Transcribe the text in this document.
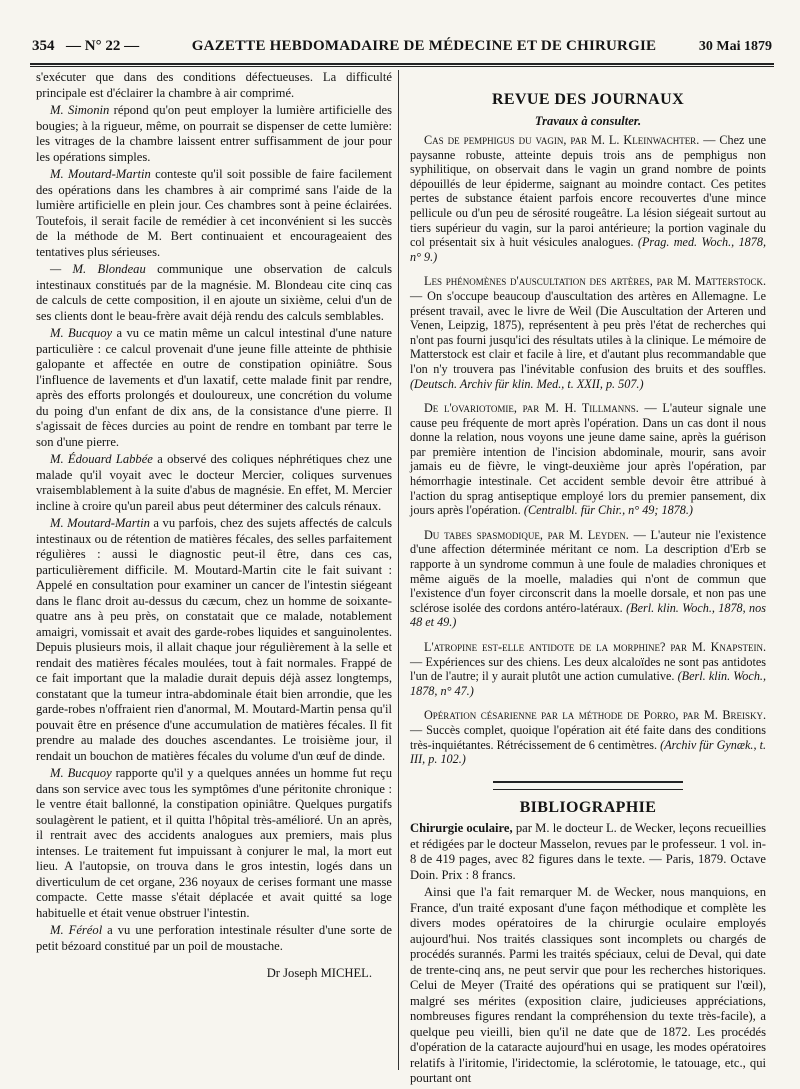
354 — N° 22 —	GAZETTE HEBDOMADAIRE DE MÉDECINE ET DE CHIRURGIE	30 Mai 1879

s'exécuter que dans des conditions défectueuses. La difficulté principale est d'éclairer la chambre à air comprimé.

M. Simonin répond qu'on peut employer la lumière artificielle des bougies; à la rigueur, même, on pourrait se dispenser de cette lumière: les vitrages de la chambre laissent entrer suffisamment de jour pour les opérations simples.

M. Moutard-Martin conteste qu'il soit possible de faire facilement des opérations dans les chambres à air comprimé sans l'aide de la lumière artificielle en plein jour. Ces chambres sont à peine éclairées. Toutefois, il serait facile de remédier à cet inconvénient si les succès de la méthode de M. Bert continuaient et encourageaient des tentatives plus sérieuses.

— M. Blondeau communique une observation de calculs intestinaux constitués par de la magnésie. M. Blondeau cite cinq cas de calculs de cette composition, il en ajoute un sixième, celui d'un de ses clients dont le beau-frère avait déjà rendu des calculs semblables.

M. Bucquoy a vu ce matin même un calcul intestinal d'une nature particulière : ce calcul provenait d'une jeune fille atteinte de phthisie galopante et affectée en outre de constipation opiniâtre. Sous l'influence de lavements et d'un laxatif, cette malade finit par rendre, après des efforts prolongés et douloureux, une concrétion du volume du poing d'un enfant de dix ans, de la consistance d'une pierre. Il s'agissait de fèces durcies au point de rendre en tombant par terre le son d'une pierre.

M. Édouard Labbée a observé des coliques néphrétiques chez une malade qu'il voyait avec le docteur Mercier, coliques survenues vraisemblablement à la suite d'abus de magnésie. En effet, M. Mercier incline à croire qu'un pareil abus peut déterminer des calculs rénaux.

M. Moutard-Martin a vu parfois, chez des sujets affectés de calculs intestinaux ou de rétention de matières fécales, des selles parfaitement régulières : aussi le diagnostic peut-il être, dans ces cas, particulièrement difficile. M. Moutard-Martin cite le fait suivant : Appelé en consultation pour examiner un cancer de l'intestin siégeant dans le flanc droit au-dessus du cæcum, chez un homme de soixante-quatre ans à peu près, on constatait que ce malade, notablement amaigri, vomissait et avait des garde-robes liquides et sanguinolentes. Depuis plusieurs mois, il allait chaque jour régulièrement à la selle et rendait des matières fécales moulées, tout à fait normales. Frappé de ce fait important que la maladie durait depuis déjà assez longtemps, constatant que la tumeur intra-abdominale était bien arrondie, que les garde-robes n'offraient rien d'anormal, M. Moutard-Martin pensa qu'il pouvait être en présence d'une accumulation de matières fécales. Il fit prendre au malade des douches ascendantes. Le troisième jour, il rendait un bouchon de matières fécales du volume d'un œuf de dinde.

M. Bucquoy rapporte qu'il y a quelques années un homme fut reçu dans son service avec tous les symptômes d'une péritonite chronique : le ventre était ballonné, la constipation opiniâtre. Quelques purgatifs soulagèrent le patient, et il quitta l'hôpital très-amélioré. Un an après, il rentrait avec des accidents analogues aux premiers, mais plus intenses. Le traitement fut impuissant à conjurer le mal, la mort eut lieu. A l'autopsie, on trouva dans le gros intestin, logés dans un diverticulum de cet organe, 236 noyaux de cerises formant une masse compacte. Cette masse s'était déplacée et avait quitté sa loge habituelle et était venue obstruer l'intestin.

M. Féréol a vu une perforation intestinale résulter d'une sorte de petit bézoard constitué par un poil de moustache.

Dr Joseph MICHEL.

REVUE DES JOURNAUX
Travaux à consulter.

Cas de pemphigus du vagin, par M. L. Kleinwachter. — Chez une paysanne robuste, atteinte depuis trois ans de pemphigus non syphilitique, on observait dans le vagin un grand nombre de points dépouillés de leur épiderme, saignant au moindre contact. Ces petites pertes de substance étaient parfois encore recouvertes d'une mince pellicule ou d'un peu de sérosité rougeâtre. La lésion siégeait surtout au tiers supérieur du vagin, sur la paroi antérieure; la portion vaginale du col présentait six à huit vésicules analogues. (Prag. med. Woch., 1878, n° 9.)

Les phénomènes d'auscultation des artères, par M. Matterstock. — On s'occupe beaucoup d'auscultation des artères en Allemagne. Le présent travail, avec le livre de Weil (Die Auscultation der Arteren und Venen, Leipzig, 1875), représentent à peu près l'état de recherches qui n'ont pas fourni jusqu'ici des résultats utiles à la clinique. Le mémoire de Matterstock est clair et facile à lire, et d'autant plus recommandable que l'on n'y trouvera pas l'inévitable confusion des bruits et des souffles. (Deutsch. Archiv für klin. Med., t. XXII, p. 507.)

De l'ovariotomie, par M. H. Tillmanns. — L'auteur signale une cause peu fréquente de mort après l'opération. Dans un cas dont il nous donne la relation, nous voyons une jeune dame saine, après la guérison par première intention de l'incision abdominale, mourir, sans avoir jamais eu de fièvre, le vingt-deuxième jour après l'opération, par hémorrhagie intestinale. Cet accident semble devoir être attribué à l'action du sprag antiseptique employé lors du premier pansement, dix jours après l'opération. (Centralbl. für Chir., n° 49; 1878.)

Du tabes spasmodique, par M. Leyden. — L'auteur nie l'existence d'une affection déterminée méritant ce nom. La description d'Erb se rapporte à un syndrome commun à une foule de maladies chroniques et même aiguës de la moelle, maladies qui n'ont de commun que l'existence d'un foyer circonscrit dans la moelle dorsale, et non pas une sclérose isolée des cordons antéro-latéraux. (Berl. klin. Woch., 1878, nos 48 et 49.)

L'atropine est-elle antidote de la morphine? par M. Knapstein. — Expériences sur des chiens. Les deux alcaloïdes ne sont pas antidotes l'un de l'autre; il y aurait plutôt une action cumulative. (Berl. klin. Woch., 1878, n° 47.)

Opération césarienne par la méthode de Porro, par M. Breisky. — Succès complet, quoique l'opération ait été faite dans des conditions très-inquiétantes. Rétrécissement de 6 centimètres. (Archiv für Gynæk., t. III, p. 102.)

BIBLIOGRAPHIE

Chirurgie oculaire, par M. le docteur L. de Wecker, leçons recueillies et rédigées par le docteur Masselon, revues par le professeur. 1 vol. in-8 de 419 pages, avec 82 figures dans le texte. — Paris, 1879. Octave Doin. Prix : 8 francs.

Ainsi que l'a fait remarquer M. de Wecker, nous manquions, en France, d'un traité exposant d'une façon méthodique et complète les divers modes opératoires de la chirurgie oculaire employés aujourd'hui. Nos traités classiques sont incomplets ou chargés de procédés surannés. Parmi les traités spéciaux, celui de Deval, qui date de trente-cinq ans, ne peut servir que pour les recherches historiques. Celui de Meyer (Traité des opérations qui se pratiquent sur l'œil), malgré ses mérites (exposition claire, judicieuses appréciations, nombreuses figures rendant la compréhension du texte très-facile), a quelque peu vieilli, bien qu'il ne date que de 1872. Les procédés d'opération de la cataracte aujourd'hui en usage, les modes opératoires relatifs à l'iritomie, l'iridectomie, la sclérotomie, le tatouage, etc., qui pourtant ont
